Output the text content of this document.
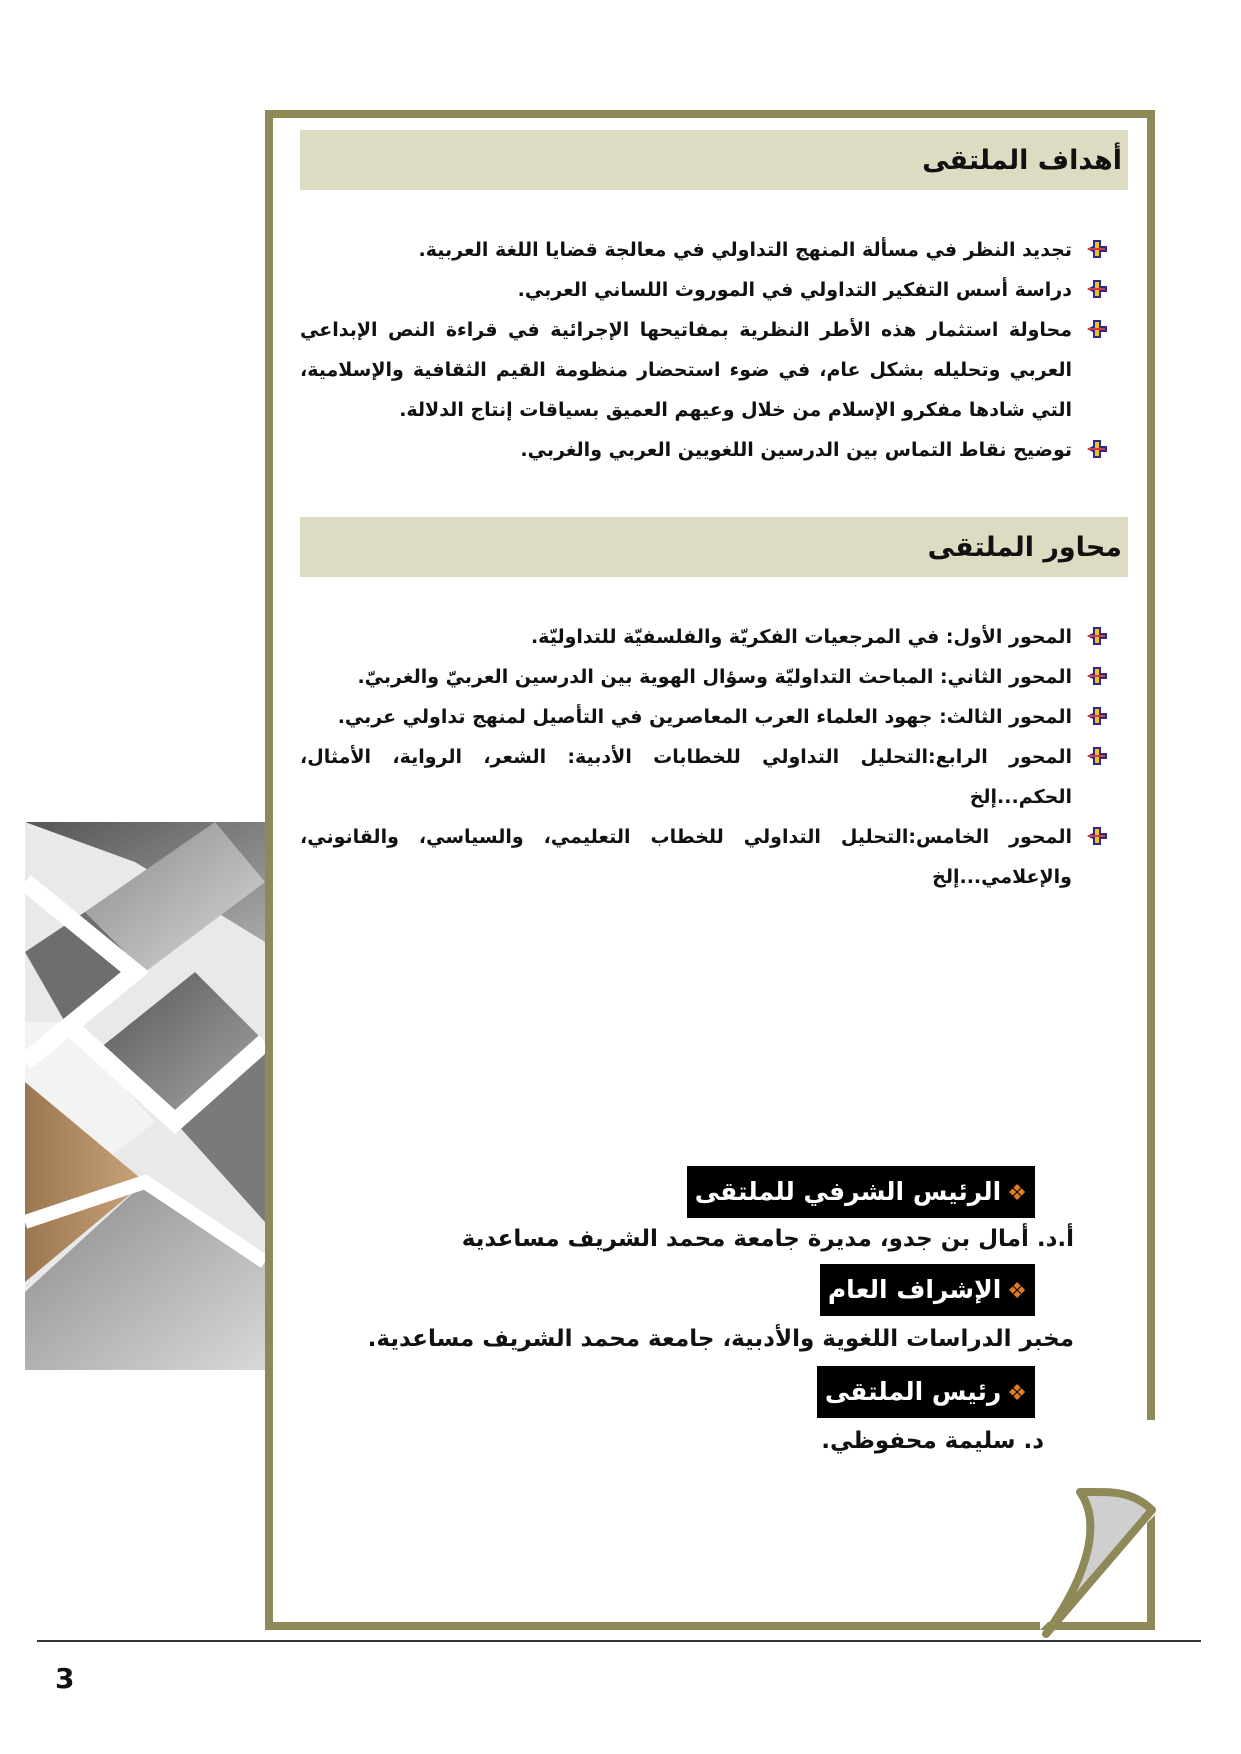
أهداف الملتقى
تجديد النظر في مسألة المنهج التداولي في معالجة قضايا اللغة العربية.
دراسة أسس التفكير التداولي في الموروث اللساني العربي.
محاولة استثمار هذه الأطر النظرية بمفاتيحها الإجرائية في قراءة النص الإبداعي العربي وتحليله بشكل عام، في ضوء استحضار منظومة القيم الثقافية والإسلامية، التي شادها مفكرو الإسلام من خلال وعيهم العميق بسياقات إنتاج الدلالة.
توضيح نقاط التماس بين الدرسين اللغويين العربي والغربي.
محاور الملتقى
المحور الأول: في المرجعيات الفكريّة والفلسفيّة للتداوليّة.
المحور الثاني: المباحث التداوليّة وسؤال الهوية بين الدرسين العربيّ والغربيّ.
المحور الثالث: جهود العلماء العرب المعاصرين في التأصيل لمنهج تداولي عربي.
المحور الرابع:التحليل التداولي للخطابات الأدبية: الشعر، الرواية، الأمثال، الحكم...إلخ
المحور الخامس:التحليل التداولي للخطاب التعليمي، والسياسي، والقانوني، والإعلامي...إلخ
❖الرئيس الشرفي للملتقى
أ.د. أمال بن جدو، مديرة جامعة محمد الشريف مساعدية
❖الإشراف العام
مخبر الدراسات اللغوية والأدبية، جامعة محمد الشريف مساعدية.
❖رئيس الملتقى
د. سليمة محفوظي.
3
